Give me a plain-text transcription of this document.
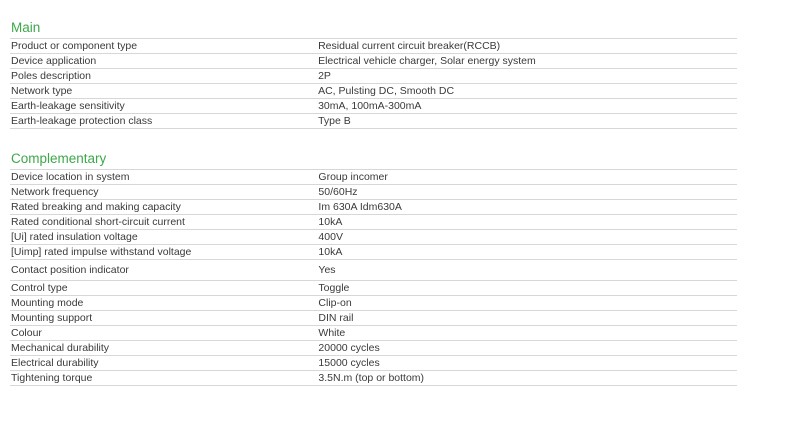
Main
Product or component type	Residual current circuit breaker(RCCB)
Device application	Electrical vehicle charger, Solar energy system
Poles description	2P
Network type	AC, Pulsting DC, Smooth DC
Earth-leakage sensitivity	30mA, 100mA-300mA
Earth-leakage protection class	Type B
Complementary
Device location in system	Group incomer
Network frequency	50/60Hz
Rated breaking and making capacity	Im 630A Idm630A
Rated conditional short-circuit current	10kA
[Ui] rated insulation voltage	400V
[Uimp] rated impulse withstand voltage	10kA
Contact position indicator	Yes
Control type	Toggle
Mounting mode	Clip-on
Mounting support	DIN rail
Colour	White
Mechanical durability	20000 cycles
Electrical durability	15000 cycles
Tightening torque	3.5N.m (top or bottom)
